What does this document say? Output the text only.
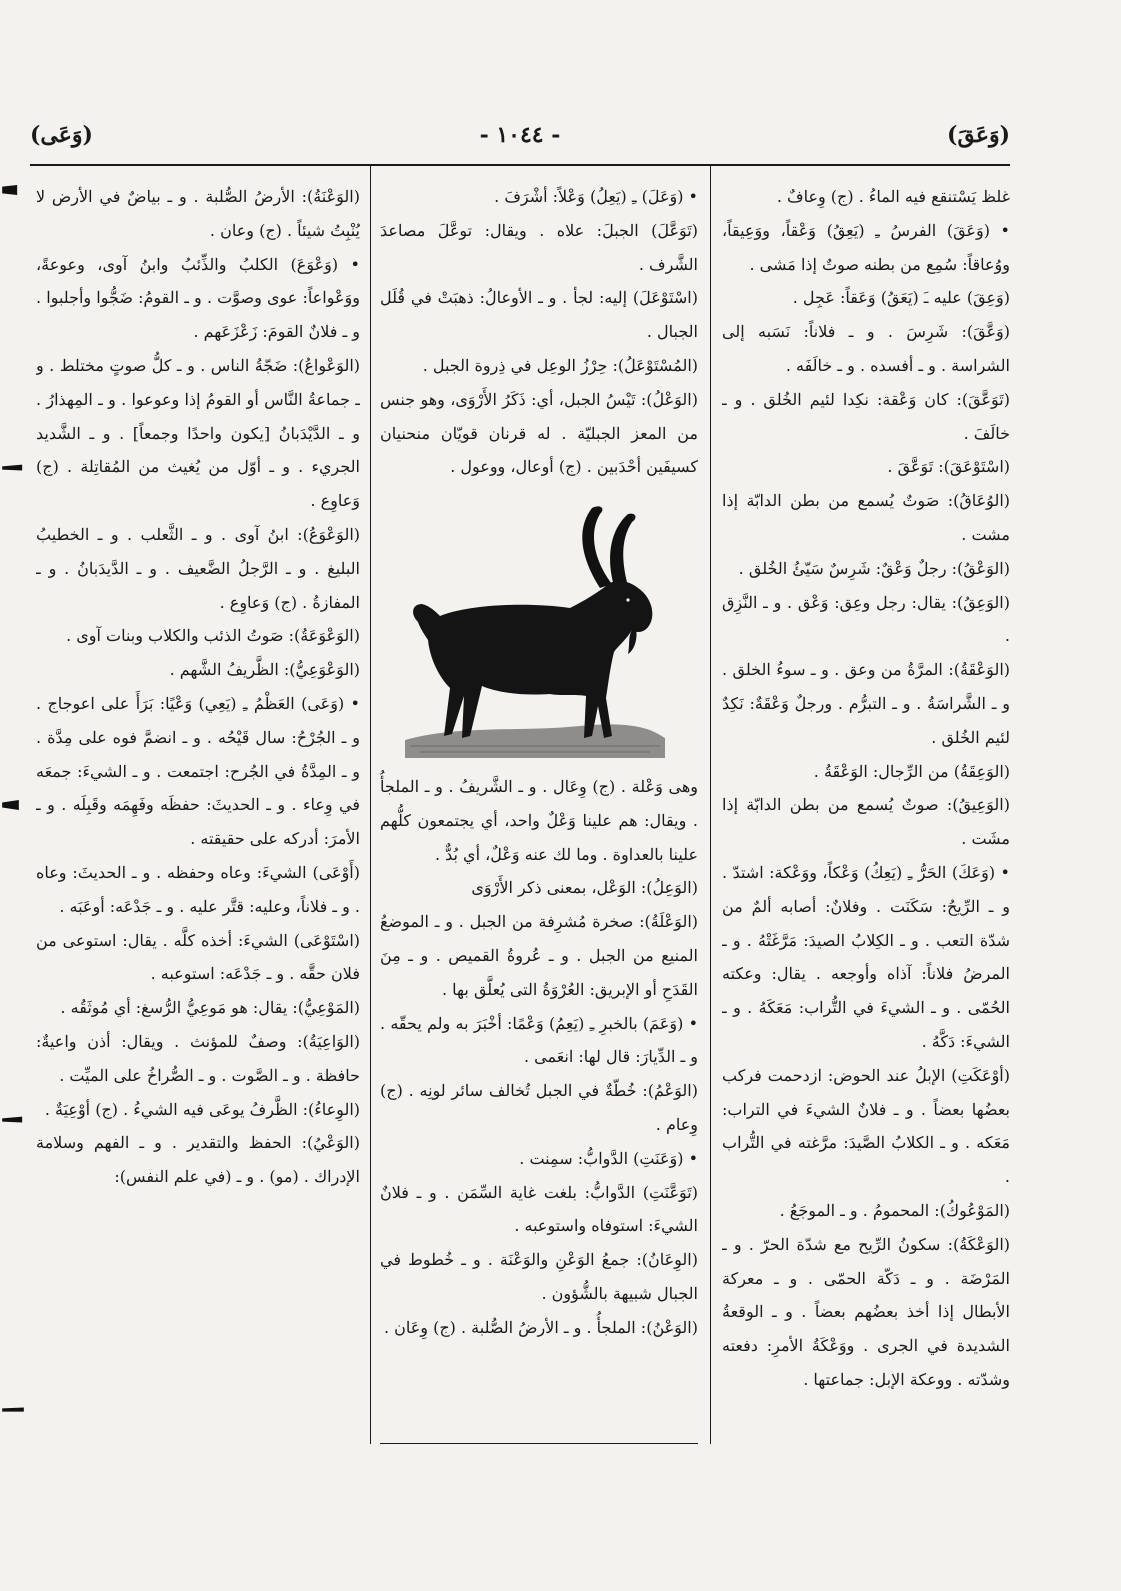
(وَعَقَ)
- ١٠٤٤ -
(وَعَى)

غلظ يَسْتنقع فيه الماءُ . (ج) وِعافٌ .

• (وَعَقَ) الفرسُ ـِ (يَعِقُ) وَعْقاً، ووَعِيقاً، ووُعاقاً: سُمِع من بطنه صوتٌ إذا مَشى .

(وَعِقَ) عليه ـَ (يَعَقُ) وَعَقاً: عَجِل .

(وَعَّقَ): شَرِسَ . و ـ فلاناً: نَسَبه إلى الشراسة . و ـ أفسده . و ـ خالَفَه .

(تَوَعَّقَ): كان وَعْقة: نكِدا لئيم الخُلق . و ـ خالَفَ .

(اسْتَوْعَقَ): تَوَعَّقَ .

(الوُعَاقُ): صَوتٌ يُسمع من بطن الدابّة إذا مشت .

(الوَعْقُ): رجلٌ وَعْقٌ: شَرِسٌ سَيّئُ الخُلق .

(الوَعِقُ): يقال: رجل وعِق: وَعْق . و ـ النَّزِق .

(الوَعْقَةُ): المرَّةُ من وعق . و ـ سوءُ الخلق . و ـ الشَّراسَةُ . و ـ التبرُّم . ورجلٌ وَعْقَةٌ: نَكِدٌ لئيم الخُلق .

(الوَعِقَةُ) من الرِّجال: الوَعْقَةُ .

(الوَعِيقُ): صوتٌ يُسمع من بطن الدابّة إذا مشَت .

• (وَعَكَ) الحَرُّ ـِ (يَعِكُ) وَعْكاً، ووَعْكة: اشتدّ . و ـ الرِّيحُ: سَكَنَت . وفلانٌ: أصابه ألمٌ من شدّة التعب . و ـ الكِلابُ الصيدَ: مَرَّغَتْهُ . و ـ المرضُ فلاناً: آذاه وأوجعه . يقال: وعكته الحُمّى . و ـ الشيءَ في التُّراب: مَعَكَهُ . و ـ الشيءَ: دَكَّهُ .

(أوْعَكَتِ) الإبلُ عند الحوض: ازدحمت فركب بعضُها بعضاً . و ـ فلانٌ الشيءَ في التراب: مَعَكه . و ـ الكلابُ الصَّيدَ: مرَّغته في التُّراب .

(المَوْعُوكُ): المحمومُ . و ـ الموجَعُ .

(الوَعْكَةُ): سكونُ الرِّيح مع شدّة الحرّ . و ـ المَرْضَة . و ـ دَكّة الحمّى . و ـ معركة الأبطال إذا أخذ بعضُهم بعضاً . و ـ الوقعةُ الشديدة في الجرى . ووَعْكَةُ الأمرِ: دفعته وشدّته . ووعكة الإبل: جماعتها .

• (وَعَلَ) ـِ (يَعِلُ) وَعْلاً: أشْرَفَ .

(تَوَعَّلَ) الجبلَ: علاه . ويقال: توعَّلَ مصاعدَ الشَّرف .

(اسْتَوْعَلَ) إليه: لجأ . و ـ الأوعالُ: ذهبَتْ في قُلَل الجبال .

(المُسْتَوْعَلُ): حِرْزُ الوعِل في ذِروة الجبل .

(الوَعْلُ): تَيْسُ الجبل، أي: ذَكَرُ الأَرْوَى، وهو جنس من المعز الجبليّة . له قرنان قويّان منحنيان كسيفَين أحْدَبين . (ج) أوعال، ووعول .

وهى وَعْلة . (ج) وِعَال . و ـ الشَّريفُ . و ـ الملجأُ . ويقال: هم علينا وَعْلٌ واحد، أي يجتمعون كلُّهم علينا بالعداوة . وما لك عنه وَعْلٌ، أي بُدٌّ .

(الوَعِلُ): الوَعْل، بمعنى ذكر الأَرْوَى

(الوَعْلَةُ): صخرة مُشرِفة من الجبل . و ـ الموضعُ المنيع من الجبل . و ـ عُروةُ القميص . و ـ مِنَ القَدَحِ أو الإبريق: العُرْوَةُ التى يُعلَّق بها .

• (وَعَمَ) بالخبرِ ـِ (يَعِمُ) وَعْمًا: أخْبَرَ به ولم يحقّه . و ـ الدِّيارَ: قال لها: انعَمى .

(الوَعْمُ): خُطّةٌ في الجبل تُخالف سائر لونِه . (ج) وِعام .

• (وَعَنَتِ) الدَّوابُّ: سمِنت .

(تَوَعَّنَتِ) الدَّوابُّ: بلغت غاية السِّمَن . و ـ فلانٌ الشيءَ: استوفاه واستوعبه .

(الوِعَانُ): جمعُ الوَعْنِ والوَعْنَة . و ـ خُطوط في الجبال شبيهة بالشُّؤون .

(الوَعْنُ): الملجأُ . و ـ الأرضُ الصُّلبة . (ج) وِعَان .

(الوَعْنَةُ): الأرضُ الصُّلبة . و ـ بياضٌ في الأرض لا يُنْبِتُ شيئاً . (ج) وعان .

• (وَعْوَعَ) الكلبُ والذِّئبُ وابنُ آوى، وعوعةً، ووَعْواعاً: عوى وصوَّت . و ـ القومُ: ضَجُّوا وأجلبوا . و ـ فلانٌ القومَ: زَعْزَعَهم .

(الوَعْواعُ): ضَجّةُ الناس . و ـ كلُّ صوتٍ مختلط . و ـ جماعةُ النَّاس أو القومُ إذا وعوعوا . و ـ المِهذارُ . و ـ الدَّيْدَبانُ [يكون واحدًا وجمعاً] . و ـ الشَّديد الجريء . و ـ أوّل من يُغيث من المُقاتِلة . (ج) وَعاوِع .

(الوَعْوَعُ): ابنُ آوى . و ـ الثَّعلب . و ـ الخطيبُ البليغ . و ـ الرَّجلُ الضَّعيف . و ـ الدَّيدَبانُ . و ـ المفازةُ . (ج) وَعاوِع .

(الوَعْوَعَةُ): صَوتُ الذئب والكلاب وبنات آوى .

(الوَعْوَعِيُّ): الظَّريفُ الشَّهم .

• (وَعَى) العَظْمُ ـِ (يَعِي) وَعْيًا: بَرَأَ على اعوجاج . و ـ الجُرْحُ: سال قَيْحُه . و ـ انضمَّ فوه على مِدَّة . و ـ المِدَّةُ في الجُرح: اجتمعت . و ـ الشيءَ: جمعَه في وِعاء . و ـ الحديثَ: حفظَه وفَهِمَه وقَبِلَه . و ـ الأمرَ: أدركه على حقيقته .

(أَوْعَى) الشيءَ: وعاه وحفظه . و ـ الحديثَ: وعاه . و ـ فلاناً، وعليه: قتَّر عليه . و ـ جَدْعَه: أوعَبَه .

(اسْتَوْعَى) الشيءَ: أخذه كلَّه . يقال: استوعى من فلان حقَّه . و ـ جَدْعَه: استوعبه .

(المَوْعِيُّ): يقال: هو مَوعِيُّ الرُّسغ: أي مُوثَقُه .

(الوَاعِيَةُ): وصفٌ للمؤنث . ويقال: أذن واعيةٌ: حافظة . و ـ الصَّوت . و ـ الصُّراخُ على الميِّت .

(الوِعاءُ): الظَّرفُ يوعَى فيه الشيءُ . (ج) أوْعِيَةٌ .

(الوَعْيُ): الحفظ والتقدير . و ـ الفهم وسلامة الإدراك . (مو) . و ـ (في علم النفس):
